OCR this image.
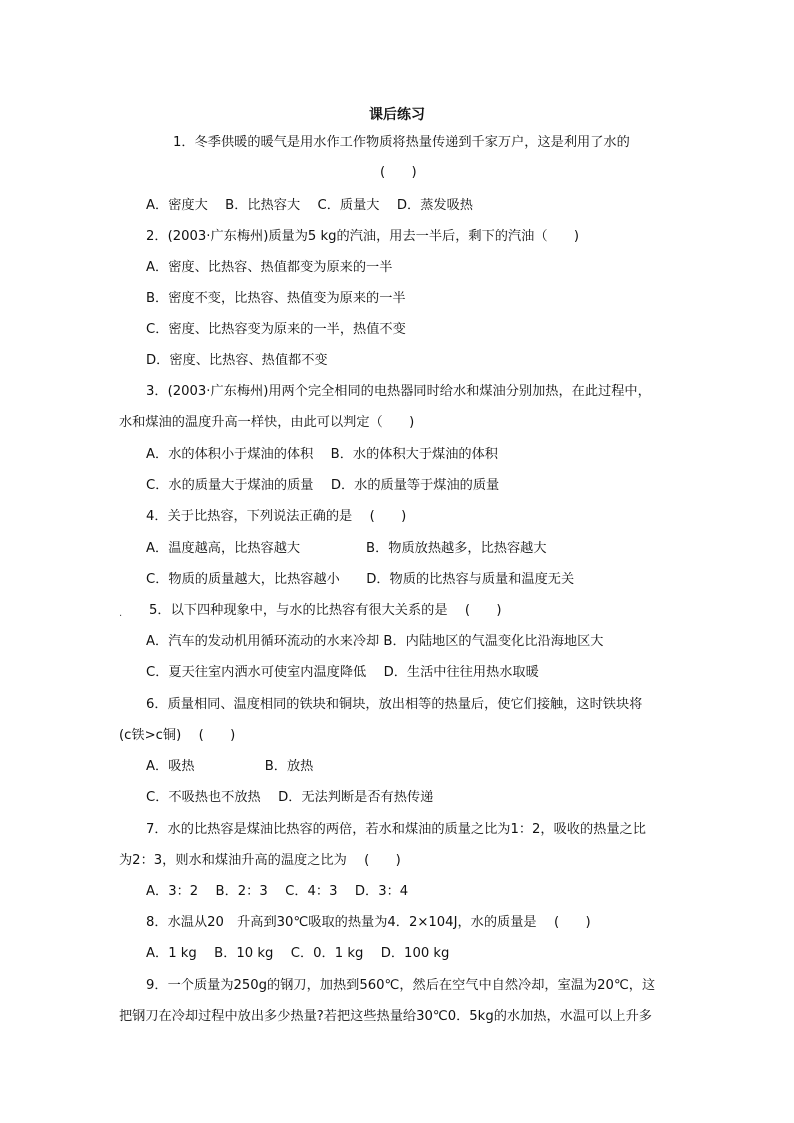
课后练习
1．冬季供暖的暖气是用水作工作物质将热量传递到千家万户，这是利用了水的
(　　)
A．密度大　 B．比热容大　 C．质量大　 D．蒸发吸热
2．(2003·广东梅州)质量为5 kg的汽油，用去一半后，剩下的汽油（　　)
A．密度、比热容、热值都变为原来的一半
B．密度不变，比热容、热值变为原来的一半
C．密度、比热容变为原来的一半，热值不变
D．密度、比热容、热值都不变
3．(2003·广东梅州)用两个完全相同的电热器同时给水和煤油分别加热，在此过程中，
水和煤油的温度升高一样快，由此可以判定（　　)
A．水的体积小于煤油的体积 　B．水的体积大于煤油的体积
C．水的质量大于煤油的质量　 D．水的质量等于煤油的质量
4．关于比热容，下列说法正确的是　 (　　)
A．温度越高，比热容越大　　　　　B．物质放热越多，比热容越大
C．物质的质量越大，比热容越小　　D．物质的比热容与质量和温度无关
. 5．以下四种现象中，与水的比热容有很大关系的是　 (　　)
A．汽车的发动机用循环流动的水来冷却 B．内陆地区的气温变化比沿海地区大
C．夏天往室内洒水可使室内温度降低　 D．生活中往往用热水取暖
6．质量相同、温度相同的铁块和铜块，放出相等的热量后，使它们接触，这时铁块将
(c铁>c铜)　 (　　)
A．吸热　　　　　 B．放热
C．不吸热也不放热　 D．无法判断是否有热传递
7．水的比热容是煤油比热容的两倍，若水和煤油的质量之比为1：2，吸收的热量之比
为2：3，则水和煤油升高的温度之比为　 (　　)
A．3：2　 B．2：3　 C．4：3　 D．3：4
8．水温从20　升高到30℃吸取的热量为4．2×104J，水的质量是　 (　　)
A．1 kg　 B．10 kg　 C．0．1 kg　 D．100 kg
9．一个质量为250g的钢刀，加热到560℃，然后在空气中自然冷却，室温为20℃，这
把钢刀在冷却过程中放出多少热量?若把这些热量给30℃0．5kg的水加热，水温可以上升多
